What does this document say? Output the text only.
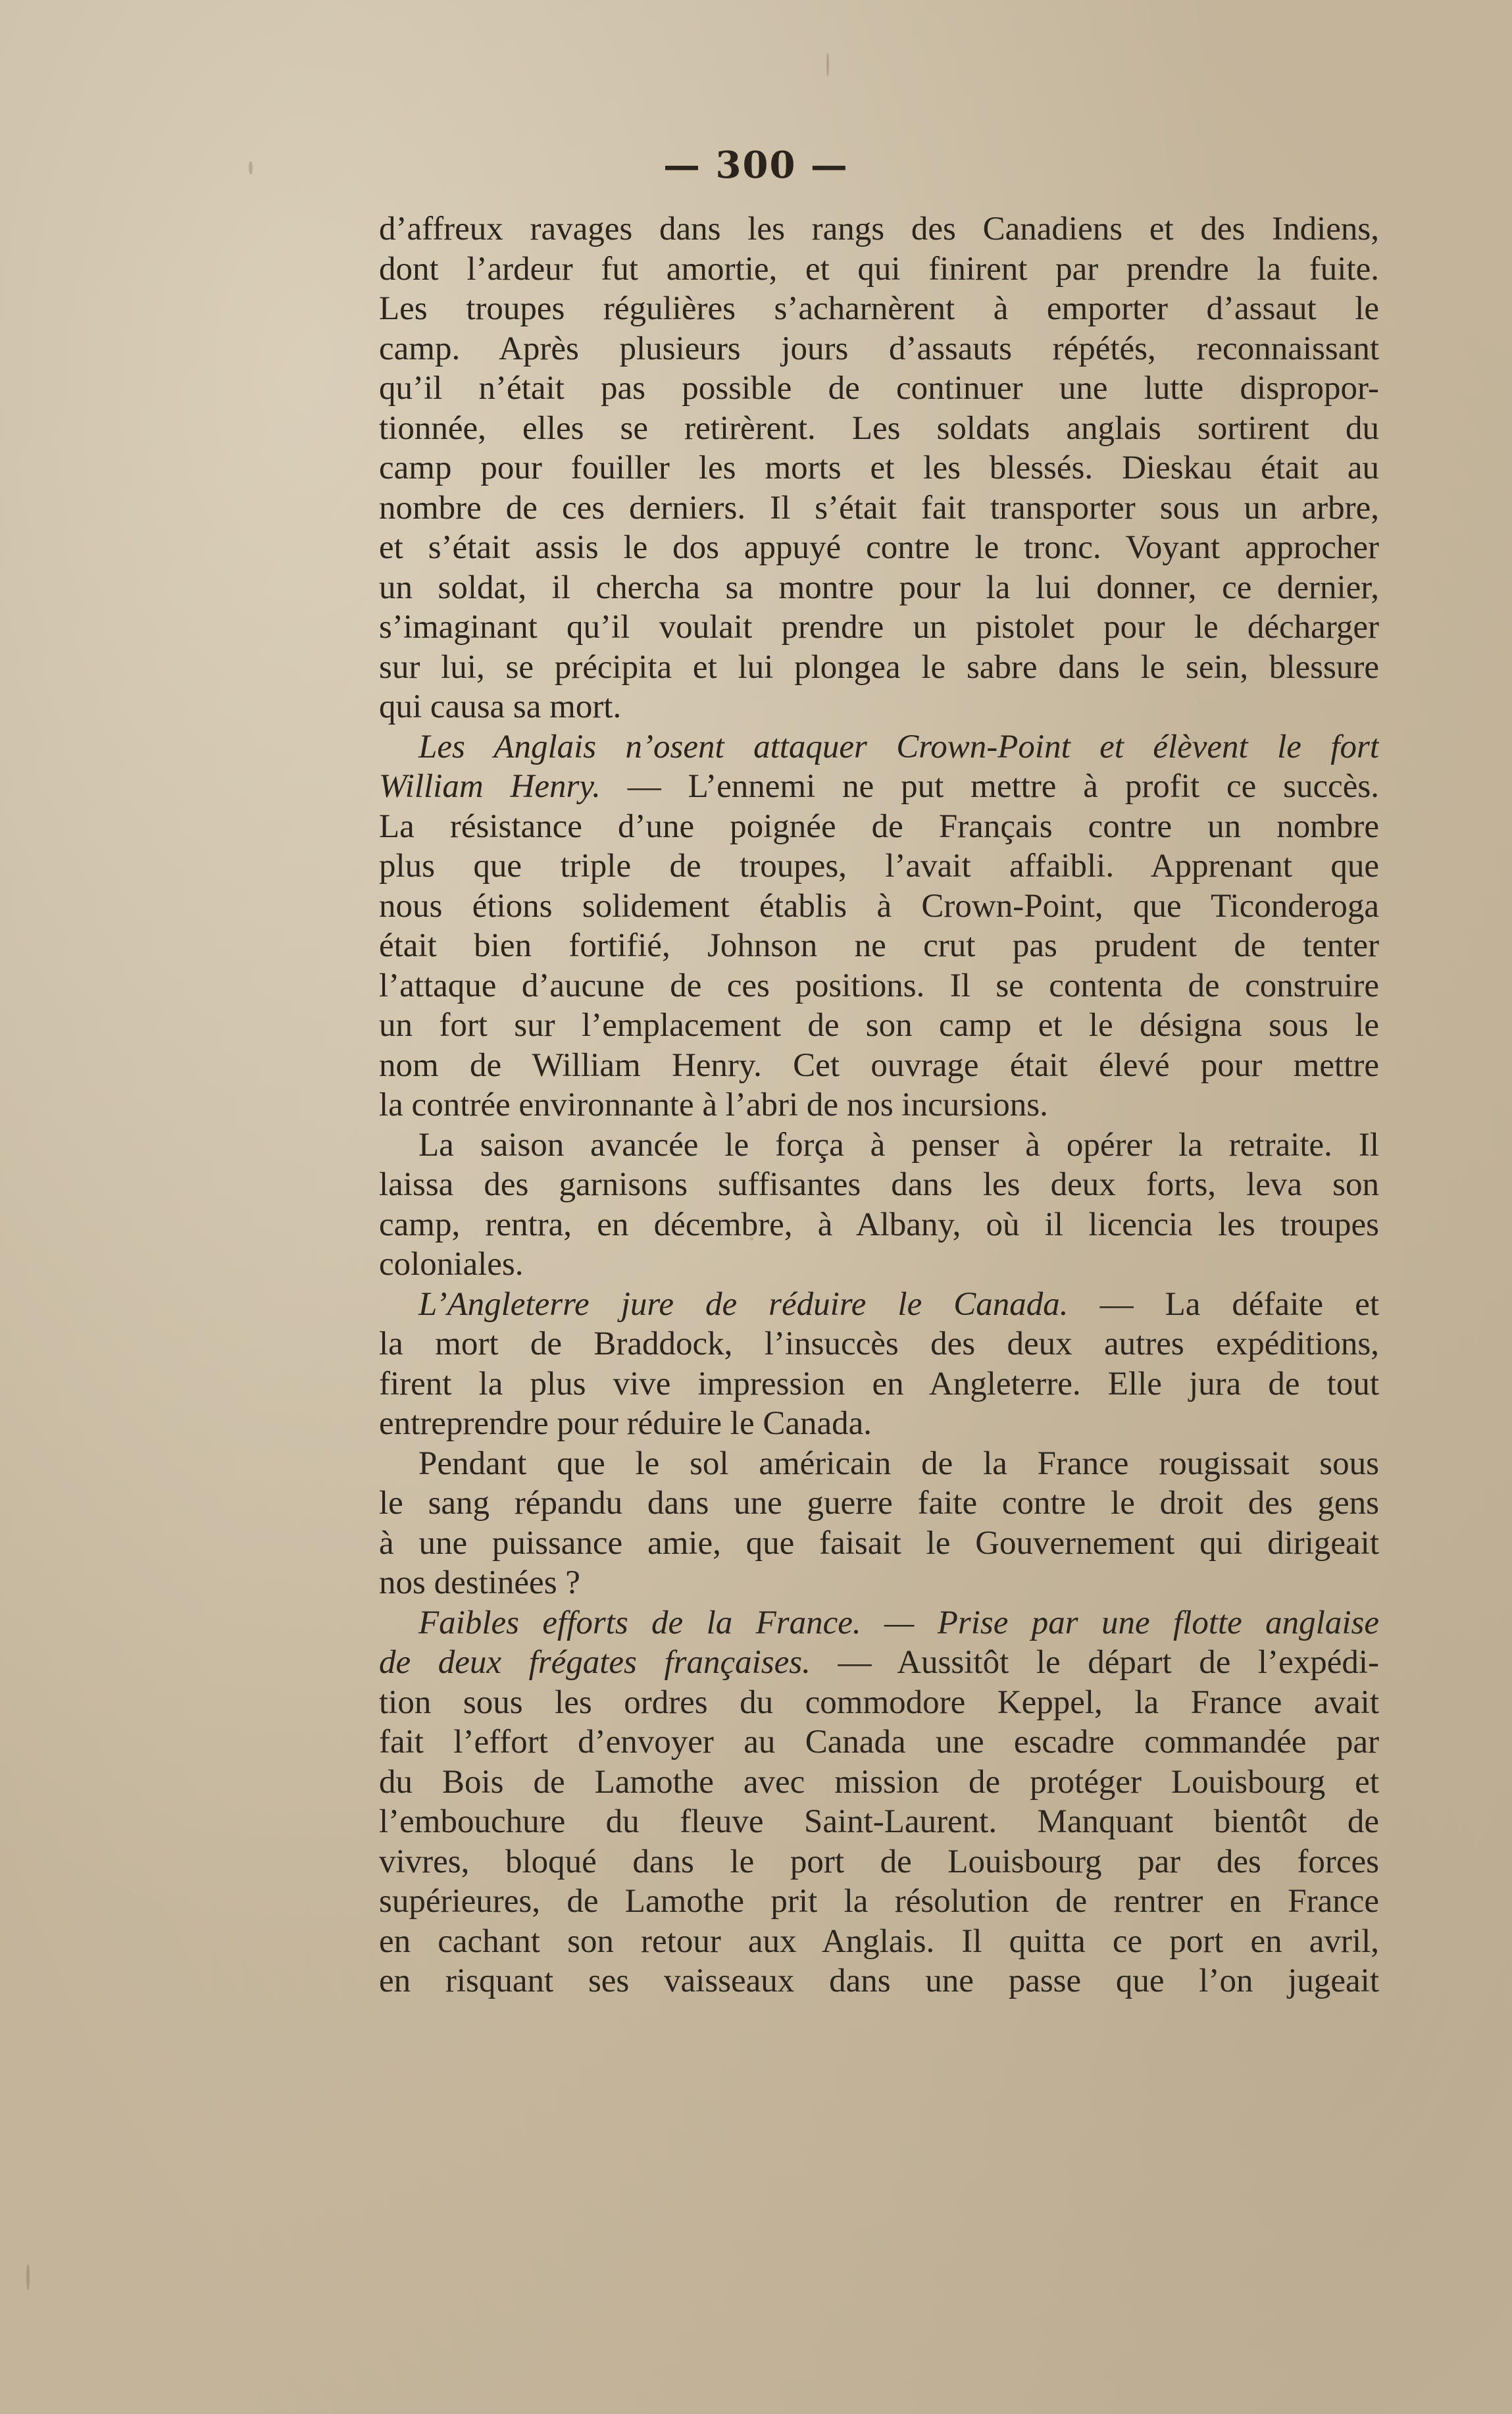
— 300 —
d’affreux ravages dans les rangs des Canadiens et des Indiens,
dont l’ardeur fut amortie, et qui finirent par prendre la fuite.
Les troupes régulières s’acharnèrent à emporter d’assaut le
camp. Après plusieurs jours d’assauts répétés, reconnaissant
qu’il n’était pas possible de continuer une lutte dispropor-
tionnée, elles se retirèrent. Les soldats anglais sortirent du
camp pour fouiller les morts et les blessés. Dieskau était au
nombre de ces derniers. Il s’était fait transporter sous un arbre,
et s’était assis le dos appuyé contre le tronc. Voyant approcher
un soldat, il chercha sa montre pour la lui donner, ce dernier,
s’imaginant qu’il voulait prendre un pistolet pour le décharger
sur lui, se précipita et lui plongea le sabre dans le sein, blessure
qui causa sa mort.
Les Anglais n’osent attaquer Crown-Point et élèvent le fort
William Henry. — L’ennemi ne put mettre à profit ce succès.
La résistance d’une poignée de Français contre un nombre
plus que triple de troupes, l’avait affaibli. Apprenant que
nous étions solidement établis à Crown-Point, que Ticonderoga
était bien fortifié, Johnson ne crut pas prudent de tenter
l’attaque d’aucune de ces positions. Il se contenta de construire
un fort sur l’emplacement de son camp et le désigna sous le
nom de William Henry. Cet ouvrage était élevé pour mettre
la contrée environnante à l’abri de nos incursions.
La saison avancée le força à penser à opérer la retraite. Il
laissa des garnisons suffisantes dans les deux forts, leva son
camp, rentra, en décembre, à Albany, où il licencia les troupes
coloniales.
L’Angleterre jure de réduire le Canada. — La défaite et
la mort de Braddock, l’insuccès des deux autres expéditions,
firent la plus vive impression en Angleterre. Elle jura de tout
entreprendre pour réduire le Canada.
Pendant que le sol américain de la France rougissait sous
le sang répandu dans une guerre faite contre le droit des gens
à une puissance amie, que faisait le Gouvernement qui dirigeait
nos destinées ?
Faibles efforts de la France. — Prise par une flotte anglaise
de deux frégates françaises. — Aussitôt le départ de l’expédi-
tion sous les ordres du commodore Keppel, la France avait
fait l’effort d’envoyer au Canada une escadre commandée par
du Bois de Lamothe avec mission de protéger Louisbourg et
l’embouchure du fleuve Saint-Laurent. Manquant bientôt de
vivres, bloqué dans le port de Louisbourg par des forces
supérieures, de Lamothe prit la résolution de rentrer en France
en cachant son retour aux Anglais. Il quitta ce port en avril,
en risquant ses vaisseaux dans une passe que l’on jugeait
